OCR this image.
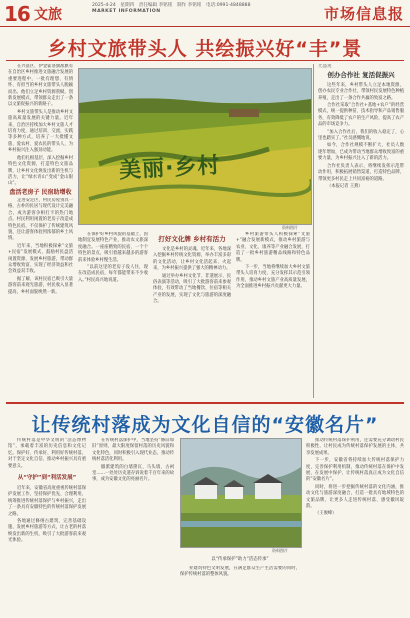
16 文旅
2025-4-24　星期四　责任编辑 李铭铭　制作 李铭铭　电话:0991-4848888
MARKET INFORMATION	市场信息报
乡村文旅带头人 共绘振兴好“丰”景

在兴富区，伊金霍洛旗准旗有在自治区乡村推进文旅融合发展的重要进程中，一批有理想、有情怀、有担当的乡村文旅带头人脱颖而出。他们立足乡村资源禀赋，创新发展模式，带领群众走出了一条以文旅促振兴的新路子。

乡村文旅带头人是推动乡村文旅高质量发展的关键力量。近年来，自治区持续加大乡村文旅人才培育力度，通过培训、交流、实践等多种方式，培养了一大批懂文旅、爱农村、爱农民的带头人，为乡村振兴注入强劲动能。

他们扎根基层，深入挖掘乡村特色文化资源，打造特色文旅品牌，让乡村文化焕发出新的生机与活力，让“绿水青山”变成“金山银山”。

盘活老房子 民宿助增收

走进安定区，村民房屋别具一格，古朴的民居与现代设计完美融合，成为游客争相打卡的热门地点。村民利用闲置的老房子改造成特色民宿，不仅保护了传统建筑风貌，还让游客体验到浓郁的乡土风情。

近年来，当地积极探索“文旅+民宿”发展模式，鼓励村民盘活闲置资源，发展乡村旅游，带动群众增收致富，实现了经济效益和社会效益双丰收。

据了解，该村民宿已吸引大量游客前来观光旅游，村民收入显著提高，乡村面貌焕然一新。

美丽·乡村
资料图片

在保护好乡村风貌的基础上，因地制宜发展特色产业，推动农文旅深度融合。一座座精致的民宿、一个个特色的景点，吸引着越来越多的游客前来体验乡村慢生活。

“以前这里的老房子没人住，现在改造成民宿，每年都能带来不少收入。”村民高兴地说道。

打好文化牌 乡村有活力

文化是乡村的灵魂。近年来，各地深入挖掘乡村传统文化资源，举办丰富多彩的文化活动，让乡村文化活起来、火起来，为乡村振兴提供了强大的精神动力。

通过举办乡村文化节、非遗展示、民俗表演等活动，吸引了大批游客前来参观体验，有效带动了当地餐饮、住宿等相关产业的发展，实现了文化与旅游的深度融合。

乡村旅游带头人积极探索“文旅+”融合发展新模式，推动乡村旅游与农业、文化、康养等产业融合发展，打造了一批乡村旅游精品线路和特色品牌。

下一步，当地将继续加大乡村文旅带头人培育力度，充分发挥其示范引领作用，推动乡村文旅产业高质量发展，为全面推进乡村振兴贡献更大力量。

光盛观
创办合作社 复活促振兴

这些年来，乡村带头人立足本地资源，创办农民专业合作社，带领村民发展特色种植养殖，走出了一条合作共赢的致富之路。

合作社采取“合作社+基地+农户”的经营模式，统一提供种苗、技术指导和产品销售服务，有效降低了农户的生产风险，提高了农产品的市场竞争力。

“加入合作社后，我们的收入稳定了，心里也踏实了。”社员感慨地说。

如今，合作社规模不断扩大，社员人数逐年增加，已成为带动当地群众增收致富的重要力量，为乡村振兴注入了新的活力。

合作社负责人表示，将继续发挥示范带动作用，积极拓展销售渠道，打造特色品牌，带领更多村民走上共同富裕的道路。

（本报记者 王燕）

让传统村落成为文化自信的“安徽名片”

传统村落是中华文明的“活态博物馆”，承载着丰富的历史信息和文化记忆。保护好、传承好、利用好传统村落，对于坚定文化自信、推动乡村振兴具有重要意义。

从“守护”到“利活发展”

近年来，安徽省高度重视传统村落保护发展工作，坚持保护优先、合理利用，统筹推进传统村落保护与乡村振兴，走出了一条具有安徽特色的传统村落保护发展之路。

各地通过修缮古建筑、完善基础设施、发展乡村旅游等方式，让古老的村落焕发出新的生机，吸引了大批游客前来观光体验。

在传统村落保护中，当地坚持“修旧如旧”原则，最大限度保留村落的历史风貌和文化特色，同时积极引入现代业态，推动传统村落活化利用。

徽派建筑的白墙黛瓦、马头墙、古祠堂……一处处历史遗存诉说着千百年来的故事，成为安徽文化的亮丽名片。

资料图片
以“传承保护”助力“活态传承”

业建筑特色文明发展，在满足群众生产生活需要的同时，保护传统村落的整体风貌。

推动传统村落保护利用，还需要充分调动村民积极性，让村民成为传统村落保护发展的主体，共享发展成果。

下一步，安徽省将持续加大传统村落保护力度，完善保护利用机制，推动传统村落在保护中发展、在发展中保护，让传统村落真正成为文化自信的“安徽名片”。

同时，将进一步挖掘传统村落的文化内涵，推动文化与旅游深度融合，打造一批具有地域特色的文旅品牌，让更多人走进传统村落、感受徽风皖韵。

（王俊峰）
